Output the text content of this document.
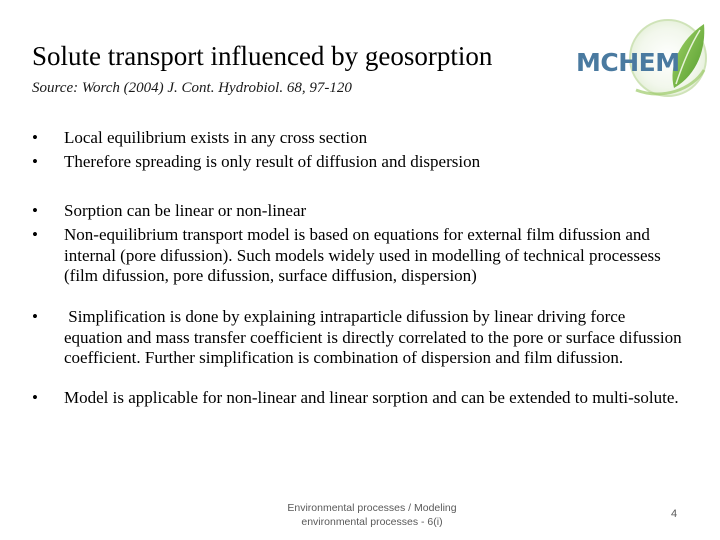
Solute transport influenced by geosorption
Source: Worch (2004) J. Cont. Hydrobiol. 68, 97-120
MCHEM
• Local equilibrium exists in any cross section
• Therefore spreading is only result of diffusion and dispersion
• Sorption can be linear or non-linear
• Non-equilibrium transport model is based on equations for external film difussion and internal (pore difussion). Such models widely used in modelling of technical processess (film difussion, pore difussion, surface diffusion, dispersion)
• Simplification is done by explaining intraparticle difussion by linear driving force equation and mass transfer coefficient is directly correlated to the pore or surface difussion coefficient. Further simplification is combination of dispersion and film difussion.
• Model is applicable for non-linear and linear sorption and can be extended to multi-solute.
Environmental processes / Modeling
environmental processes - 6(i)
4
